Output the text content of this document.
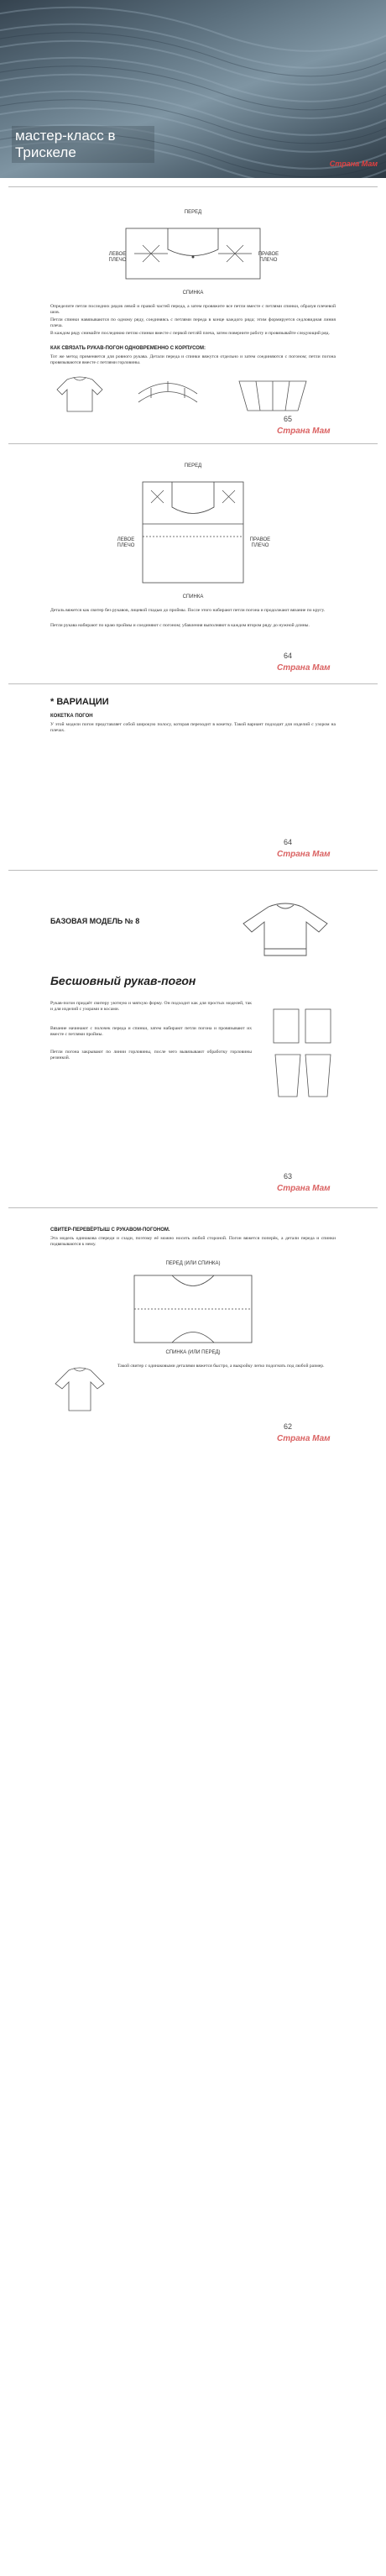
мастер-класс в Трискеле
Страна Мам
ПЕРЕД
ЛЕВОЕ ПЛЕЧО
ПРАВОЕ ПЛЕЧО
СПИНКА
Определите петли последних рядов левой и правой частей переда, а затем провяжите все петли вместе с петлями спинки, образуя плечевой шов.
Петли спинки навязываются по одному ряду, соединяясь с петлями переда в конце каждого ряда; этим формируется седловидная линия плеча.
В каждом ряду снимайте последнюю петлю спинки вместе с первой петлёй плеча, затем поверните работу и провязывайте следующий ряд.
КАК СВЯЗАТЬ РУКАВ-ПОГОН ОДНОВРЕМЕННО С КОРПУСОМ:
Тот же метод применяется для ровного рукава. Детали переда и спинки вяжутся отдельно и затем соединяются с погоном; петли погона провязываются вместе с петлями горловины.
Страна Мам
65
ПЕРЕД
ЛЕВОЕ ПЛЕЧО
ПРАВОЕ ПЛЕЧО
СПИНКА
Деталь вяжется как свитер без рукавов, лицевой гладью до проймы. После этого набирают петли погона и продолжают вязание по кругу.
Петли рукава набирают по краю проймы и соединяют с погоном; убавления выполняют в каждом втором ряду до нужной длины.
Страна Мам
64
* ВАРИАЦИИ
КОКЕТКА ПОГОН
У этой модели погон представляет собой широкую полосу, которая переходит в кокетку. Такой вариант подходит для изделий с узором на плечах.
Страна Мам
64
БАЗОВАЯ МОДЕЛЬ № 8
Бесшовный рукав-погон
Рукав-погон придаёт свитеру уютную и мягкую форму. Он подходит как для простых моделей, так и для изделий с узорами и косами.
Вязание начинают с полочек переда и спинки, затем набирают петли погона и провязывают их вместе с петлями проймы.
Петли погона закрывают по линии горловины, после чего вывязывают обработку горловины резинкой.
Страна Мам
63
СВИТЕР-ПЕРЕВЁРТЫШ С РУКАВОМ-ПОГОНОМ.
Эта модель одинакова спереди и сзади, поэтому её можно носить любой стороной. Погон вяжется поперёк, а детали переда и спинки подвязываются к нему.
ПЕРЕД (ИЛИ СПИНКА)
СПИНКА (ИЛИ ПЕРЕД)
Такой свитер с одинаковыми деталями вяжется быстро, а выкройку легко подогнать под любой размер.
Страна Мам
62
